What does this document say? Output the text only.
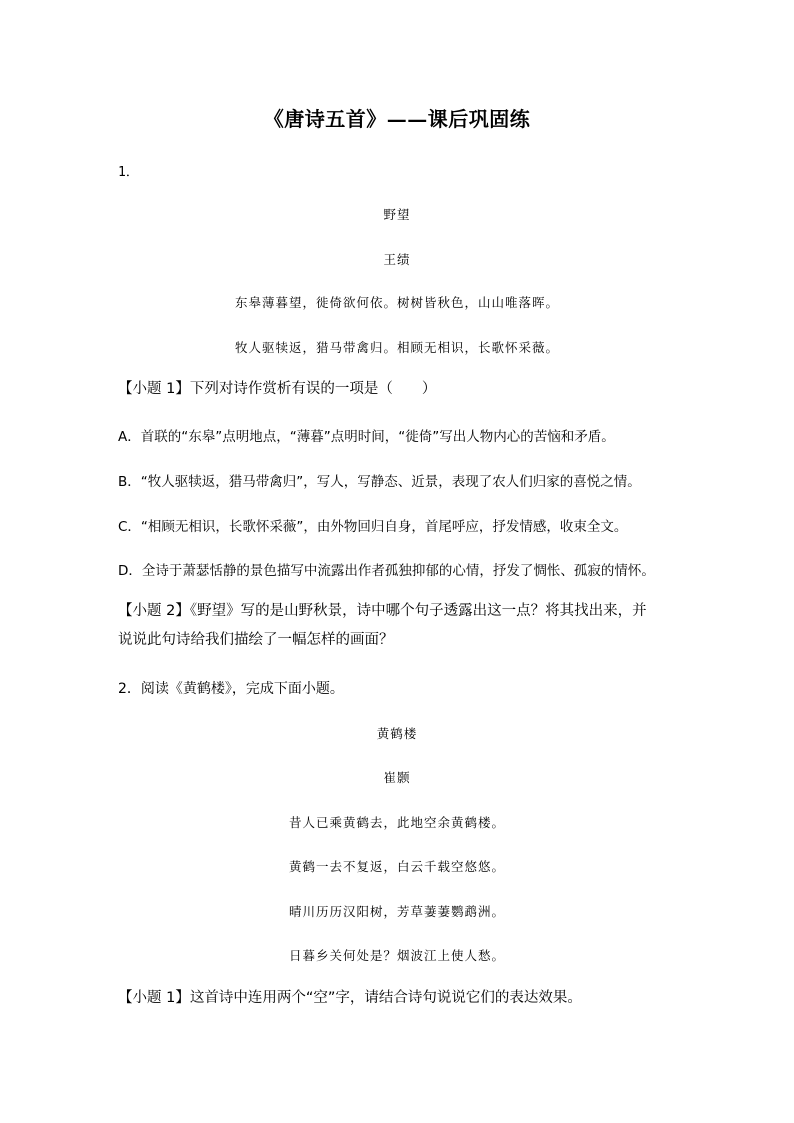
《唐诗五首》——课后巩固练
1．
野望
王绩
东皋薄暮望，徙倚欲何依。树树皆秋色，山山唯落晖。
牧人驱犊返，猎马带禽归。相顾无相识，长歌怀采薇。
【小题 1】下列对诗作赏析有误的一项是（　　）
A．首联的“东皋”点明地点，“薄暮”点明时间，“徙倚”写出人物内心的苦恼和矛盾。
B．“牧人驱犊返，猎马带禽归”，写人，写静态、近景，表现了农人们归家的喜悦之情。
C．“相顾无相识，长歌怀采薇”，由外物回归自身，首尾呼应，抒发情感，收束全文。
D．全诗于萧瑟恬静的景色描写中流露出作者孤独抑郁的心情，抒发了惆怅、孤寂的情怀。
【小题 2】《野望》写的是山野秋景，诗中哪个句子透露出这一点？将其找出来，并说说此句诗给我们描绘了一幅怎样的画面？
2．阅读《黄鹤楼》，完成下面小题。
黄鹤楼
崔颢
昔人已乘黄鹤去，此地空余黄鹤楼。
黄鹤一去不复返，白云千载空悠悠。
晴川历历汉阳树，芳草萋萋鹦鹉洲。
日暮乡关何处是？烟波江上使人愁。
【小题 1】这首诗中连用两个“空”字，请结合诗句说说它们的表达效果。
